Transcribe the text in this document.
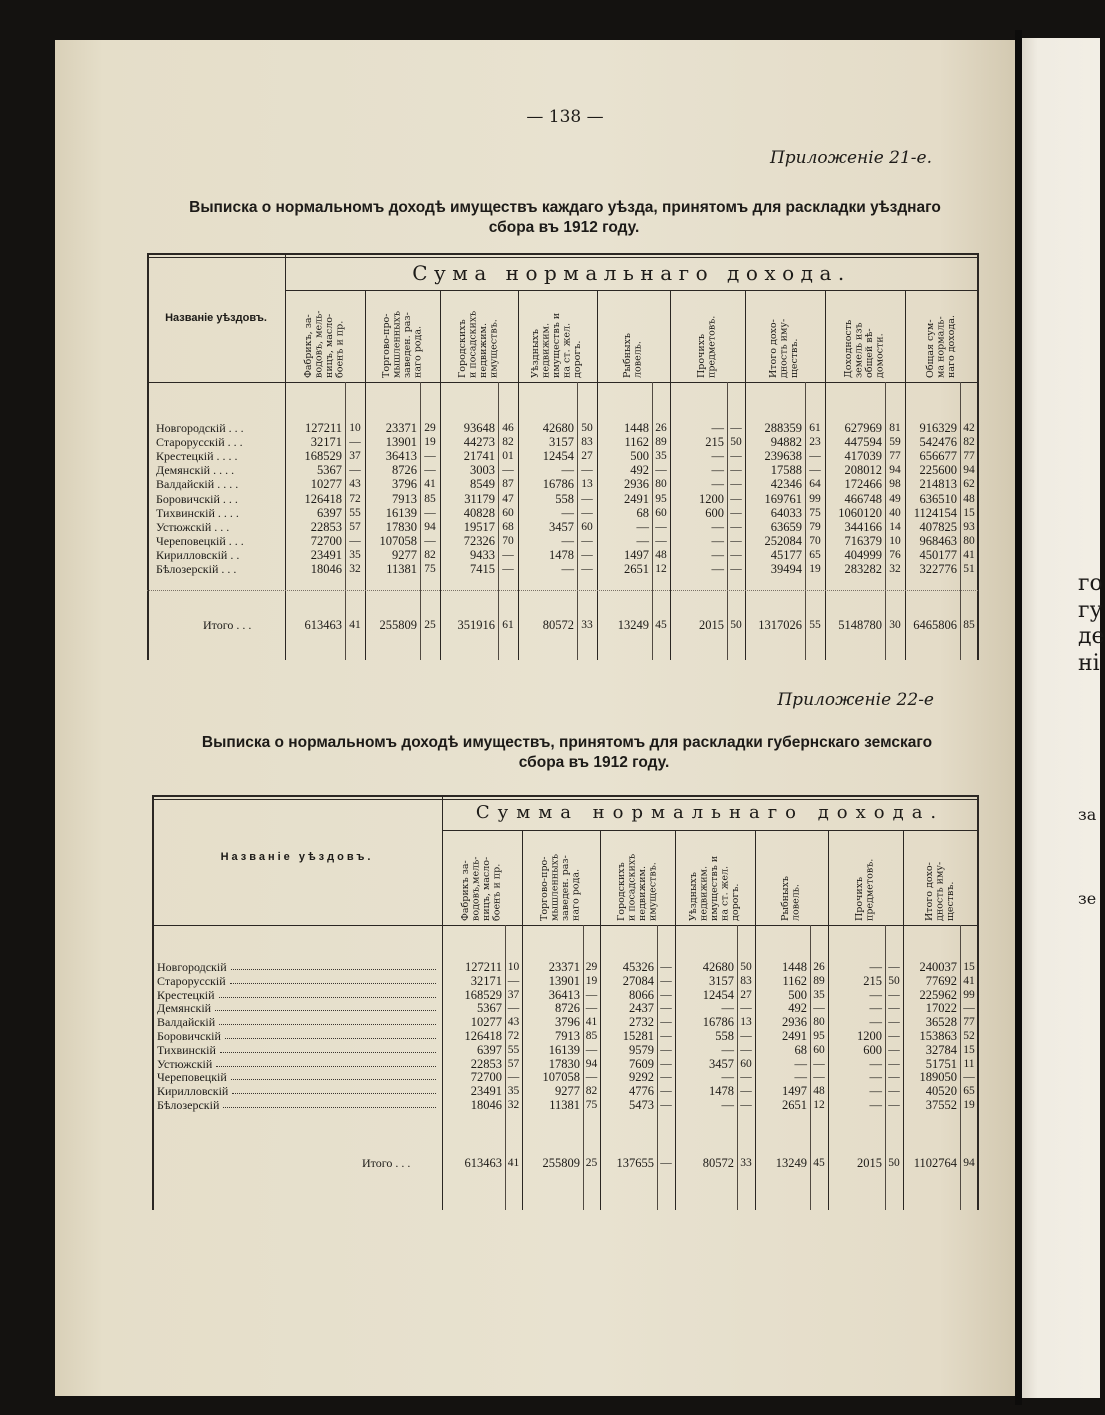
го
гу
де
ні
за
зе
— 138 —
Приложеніе 21-е.
Выписка о нормальномъ доходѣ имуществъ каждаго уѣзда, принятомъ для раскладки уѣзднаго
сбора въ 1912 году.
Сума нормальнаго дохода.
Названіе уѣздовъ.	Фабрикъ, за- водовъ, мель- ницъ, масло- боенъ и пр.	Торгово-про- мышленныхъ заведен. раз- наго рода.	Городскихъ и посадскихъ недвижим. имуществъ.	Уѣздныхъ недвижим. имуществъ и на ст. жел. дорогъ.	Рыбныхъ ловель.	Прочихъ предметовъ.	Итого дохо- дность иму- ществъ.	Доходность земель изъ общей вѣ- домости.	Общая сум- ма нормаль- наго дохода.
Новгородскій . . .	127211 10	23371 29	93648 46	42680 50	1448 26	— —	288359 61	627969 81	916329 42
Старорусскій . . .	32171 —	13901 19	44273 82	3157 83	1162 89	215 50	94882 23	447594 59	542476 82
Крестецкій . . . .	168529 37	36413 —	21741 01	12454 27	500 35	— —	239638 —	417039 77	656677 77
Демянскій . . . .	5367 —	8726 —	3003 —	— —	492 —	— —	17588 —	208012 94	225600 94
Валдайскій . . . .	10277 43	3796 41	8549 87	16786 13	2936 80	— —	42346 64	172466 98	214813 62
Боровичскій . . .	126418 72	7913 85	31179 47	558 —	2491 95	1200 —	169761 99	466748 49	636510 48
Тихвинскій . . . .	6397 55	16139 —	40828 60	— —	68 60	600 —	64033 75	1060120 40	1124154 15
Устюжскій . . .	22853 57	17830 94	19517 68	3457 60	— —	— —	63659 79	344166 14	407825 93
Череповецкій . . .	72700 —	107058 —	72326 70	— —	— —	— —	252084 70	716379 10	968463 80
Кирилловскій . .	23491 35	9277 82	9433 —	1478 —	1497 48	— —	45177 65	404999 76	450177 41
Бѣлозерскій . . .	18046 32	11381 75	7415 —	— —	2651 12	— —	39494 19	283282 32	322776 51
Итого . . .	613463 41	255809 25	351916 61	80572 33	13249 45	2015 50	1317026 55	5148780 30	6465806 85
Приложеніе 22-е
Выписка о нормальномъ доходѣ имуществъ, принятомъ для раскладки губернскаго земскаго
сбора въ 1912 году.
Сумма нормальнаго дохода.
Названіе уѣздовъ.
Фабрикъ за- водовъ,мель- ницъ, масло- боенъ и пр.	Торгово-про- мышленныхъ заведен. раз- наго рода.	Городскихъ и посадскихъ недвижим. имуществъ.	Уѣздныхъ недвижим. имуществъ и на ст. жел. дорогъ.	Рыбныхъ ловель.	Прочихъ предметовъ.	Итого дохо- дность иму- ществъ.
Новгородскій	127211 10	23371 29	45326 —	42680 50	1448 26	— —	240037 15
Старорусскій	32171 —	13901 19	27084 —	3157 83	1162 89	215 50	77692 41
Крестецкій	168529 37	36413 —	8066 —	12454 27	500 35	— —	225962 99
Демянскій	5367 —	8726 —	2437 —	— —	492 —	— —	17022 —
Валдайскій	10277 43	3796 41	2732 —	16786 13	2936 80	— —	36528 77
Боровичскій	126418 72	7913 85	15281 —	558 —	2491 95	1200 —	153863 52
Тихвинскій	6397 55	16139 —	9579 —	— —	68 60	600 —	32784 15
Устюжскій	22853 57	17830 94	7609 —	3457 60	— —	— —	51751 11
Череповецкій	72700 —	107058 —	9292 —	— —	— —	— —	189050 —
Кирилловскій	23491 35	9277 82	4776 —	1478 —	1497 48	— —	40520 65
Бѣлозерскій	18046 32	11381 75	5473 —	— —	2651 12	— —	37552 19
Итого . . .	613463 41	255809 25	137655 —	80572 33	13249 45	2015 50	1102764 94
